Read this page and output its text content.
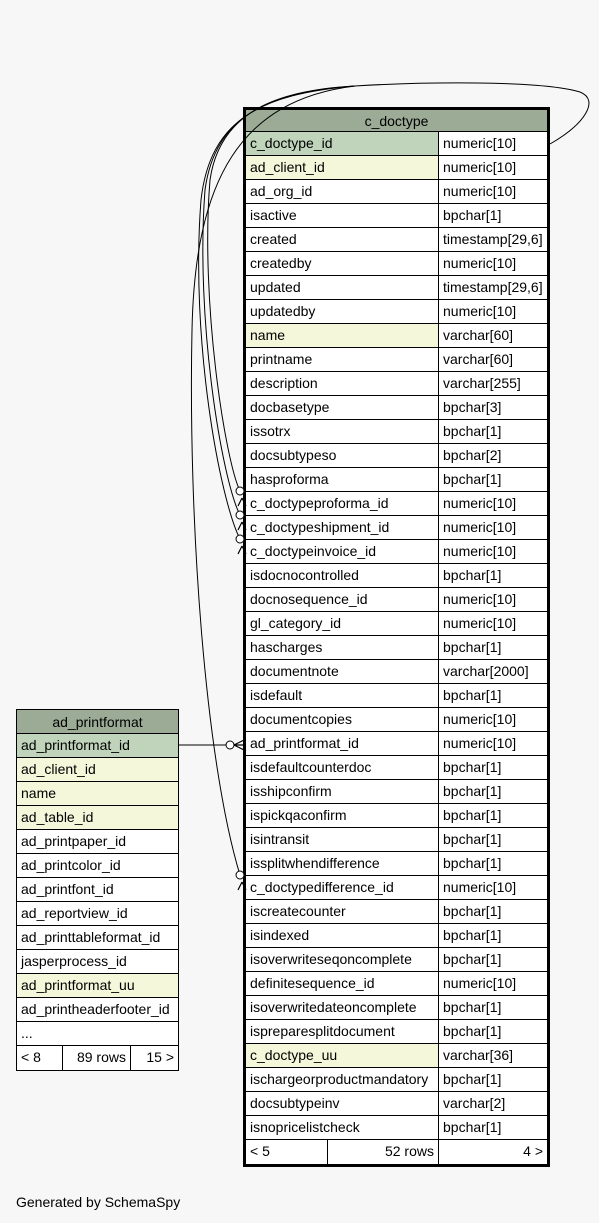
c_doctype
c_doctype_id	numeric[10]
ad_client_id	numeric[10]
ad_org_id	numeric[10]
isactive	bpchar[1]
created	timestamp[29,6]
createdby	numeric[10]
updated	timestamp[29,6]
updatedby	numeric[10]
name	varchar[60]
printname	varchar[60]
description	varchar[255]
docbasetype	bpchar[3]
issotrx	bpchar[1]
docsubtypeso	bpchar[2]
hasproforma	bpchar[1]
c_doctypeproforma_id	numeric[10]
c_doctypeshipment_id	numeric[10]
c_doctypeinvoice_id	numeric[10]
isdocnocontrolled	bpchar[1]
docnosequence_id	numeric[10]
gl_category_id	numeric[10]
hascharges	bpchar[1]
documentnote	varchar[2000]
isdefault	bpchar[1]
documentcopies	numeric[10]
ad_printformat_id	numeric[10]
isdefaultcounterdoc	bpchar[1]
isshipconfirm	bpchar[1]
ispickqaconfirm	bpchar[1]
isintransit	bpchar[1]
issplitwhendifference	bpchar[1]
c_doctypedifference_id	numeric[10]
iscreatecounter	bpchar[1]
isindexed	bpchar[1]
isoverwriteseqoncomplete	bpchar[1]
definitesequence_id	numeric[10]
isoverwritedateoncomplete	bpchar[1]
ispreparesplitdocument	bpchar[1]
c_doctype_uu	varchar[36]
ischargeorproductmandatory	bpchar[1]
docsubtypeinv	varchar[2]
isnopricelistcheck	bpchar[1]
< 5	52 rows	4 >
ad_printformat
ad_printformat_id
ad_client_id
name
ad_table_id
ad_printpaper_id
ad_printcolor_id
ad_printfont_id
ad_reportview_id
ad_printtableformat_id
jasperprocess_id
ad_printformat_uu
ad_printheaderfooter_id
...
< 8	89 rows	15 >
Generated by SchemaSpy
